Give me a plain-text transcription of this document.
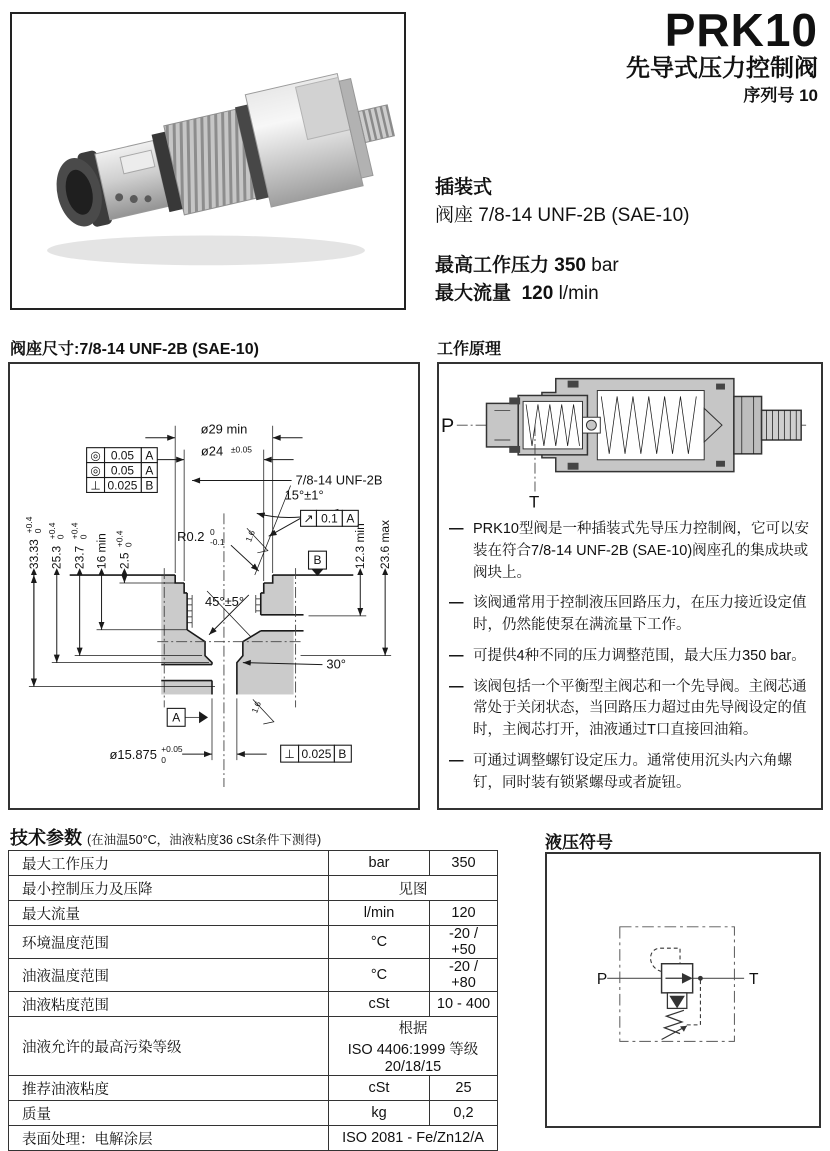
PRK10
先导式压力控制阀
序列号 10
插装式
阀座 7/8-14 UNF-2B (SAE-10)
最高工作压力 350 bar
最大流量 120 l/min
阀座尺寸:7/8-14 UNF-2B (SAE-10)	工作原理
◎ 0.05 A
◎ 0.05 A
⊥ 0.025 B
ø29 min
ø24 ±0.05
7/8-14 UNF-2B
15°±1°
↗ 0.1 A
1.6
R0.2 0
-0.1
B
45°±5°
30°
A
1.6
ø15.875 +0.05
0	⊥ 0.025 B
33.33
+0.4
0
25.3
+0.4
0
23.7
+0.4
0 16 min 2.5
+0.4
0	12.3 min 23.6 max
P
T
— PRK10型阀是一种插装式先导压力控制阀，它可以安装在符合7/8-14 UNF-2B (SAE-10)阀座孔的集成块或阀块上。
— 该阀通常用于控制液压回路压力，在压力接近设定值时，仍然能使泵在满流量下工作。
— 可提供4种不同的压力调整范围，最大压力350 bar。
— 该阀包括一个平衡型主阀芯和一个先导阀。主阀芯通常处于关闭状态，当回路压力超过由先导阀设定的值时，主阀芯打开，油液通过T口直接回油箱。
— 可通过调整螺钉设定压力。通常使用沉头内六角螺钉，同时装有锁紧螺母或者旋钮。
技术参数 (在油温50°C，油液粘度36 cSt条件下测得)
最大工作压力	bar	350
最小控制压力及压降	见图	
最大流量	l/min	120
环境温度范围	°C	-20 / +50
油液温度范围	°C	-20 / +80
油液粘度范围	cSt	10 - 400
油液允许的最高污染等级	根据
ISO 4406:1999 等级 20/18/15	

推荐油液粘度	cSt	25
质量	kg	0,2
表面处理：电解涂层	ISO 2081 - Fe/Zn12/A	
液压符号
P	T
